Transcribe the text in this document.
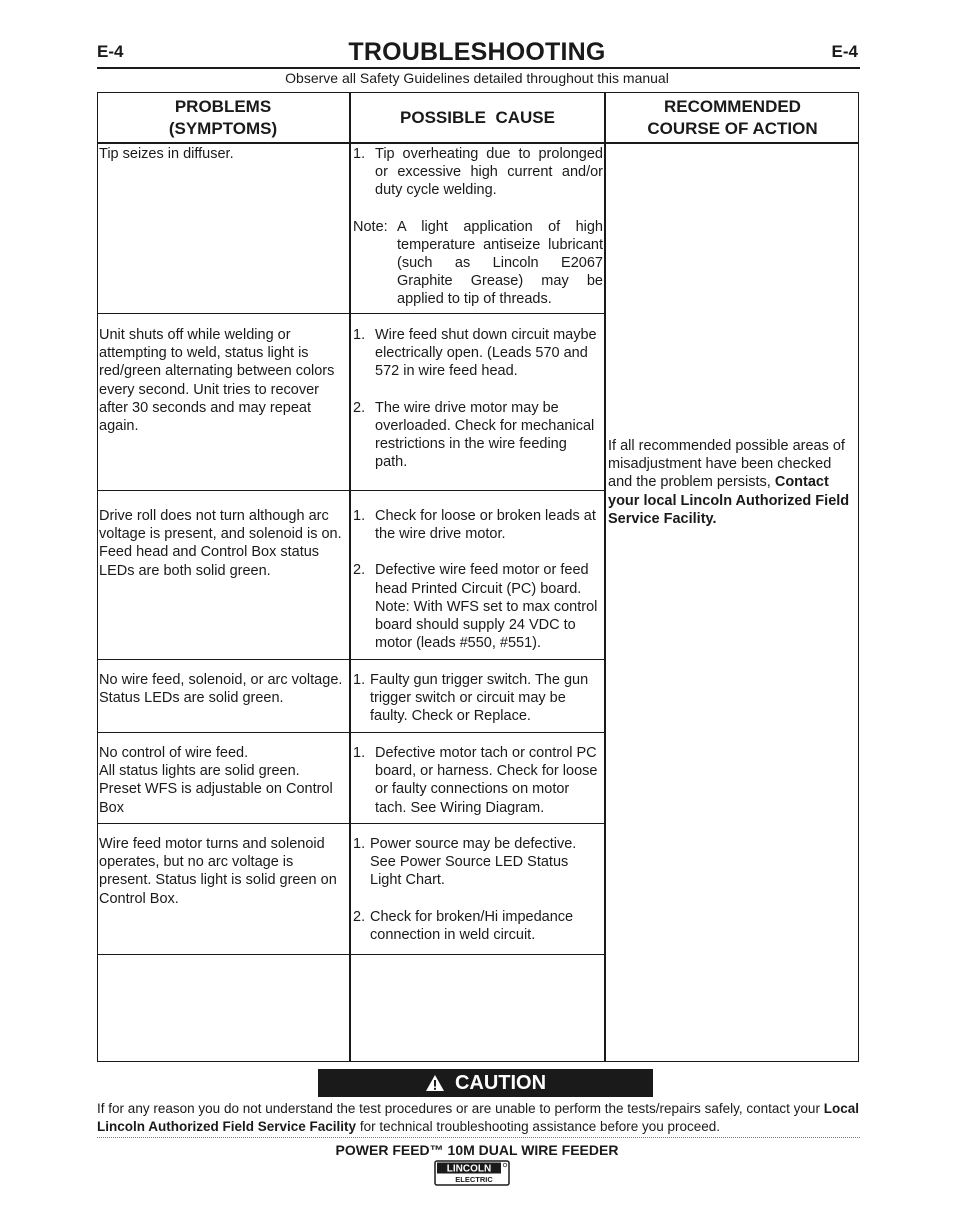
E-4	E-4
TROUBLESHOOTING
Observe all Safety Guidelines detailed throughout this manual
PROBLEMS
(SYMPTOMS)
POSSIBLE  CAUSE
RECOMMENDED
COURSE OF ACTION

Tip seizes in diffuser.	1. Tip overheating due to prolonged or excessive high current and/or duty cycle welding.
Note: A light application of high temperature antiseize lubricant (such as Lincoln E2067 Graphite Grease) may be applied to tip of threads.

Unit shuts off while welding or attempting to weld, status light is red/green alternating between colors every second. Unit tries to recover after 30 seconds and may repeat again.

1. Wire feed shut down circuit maybe electrically open. (Leads 570 and 572 in wire feed head.
2. The wire drive motor may be overloaded. Check for mechanical restrictions in the wire feeding path.

Drive roll does not turn although arc voltage is present, and solenoid is on. Feed head and Control Box status LEDs are both solid green.

1. Check for loose or broken leads at the wire drive motor.
2. Defective wire feed motor or feed head Printed Circuit (PC) board. Note: With WFS set to max control board should supply 24 VDC to motor (leads #550, #551).

No wire feed, solenoid, or arc voltage. Status LEDs are solid green.

1. Faulty gun trigger switch. The gun trigger switch or circuit may be faulty. Check or Replace.

No control of wire feed.

All status lights are solid green.

Preset WFS is adjustable on Control Box

1. Defective motor tach or control PC board, or harness. Check for loose or faulty connections on motor tach. See Wiring Diagram.

Wire feed motor turns and solenoid operates, but no arc voltage is present. Status light is solid green on Control Box.

1. Power source may be defective. See Power Source LED Status Light Chart.
2. Check for broken/Hi impedance connection in weld circuit.
If all recommended possible areas of misadjustment have been checked and the problem persists, Contact your local Lincoln Authorized Field Service Facility.
CAUTION
If for any reason you do not understand the test procedures or are unable to perform the tests/repairs safely, contact your Local Lincoln Authorized Field Service Facility for technical troubleshooting assistance before you proceed.
POWER FEED™ 10M DUAL WIRE FEEDER
LINCOLN
ELECTRIC
